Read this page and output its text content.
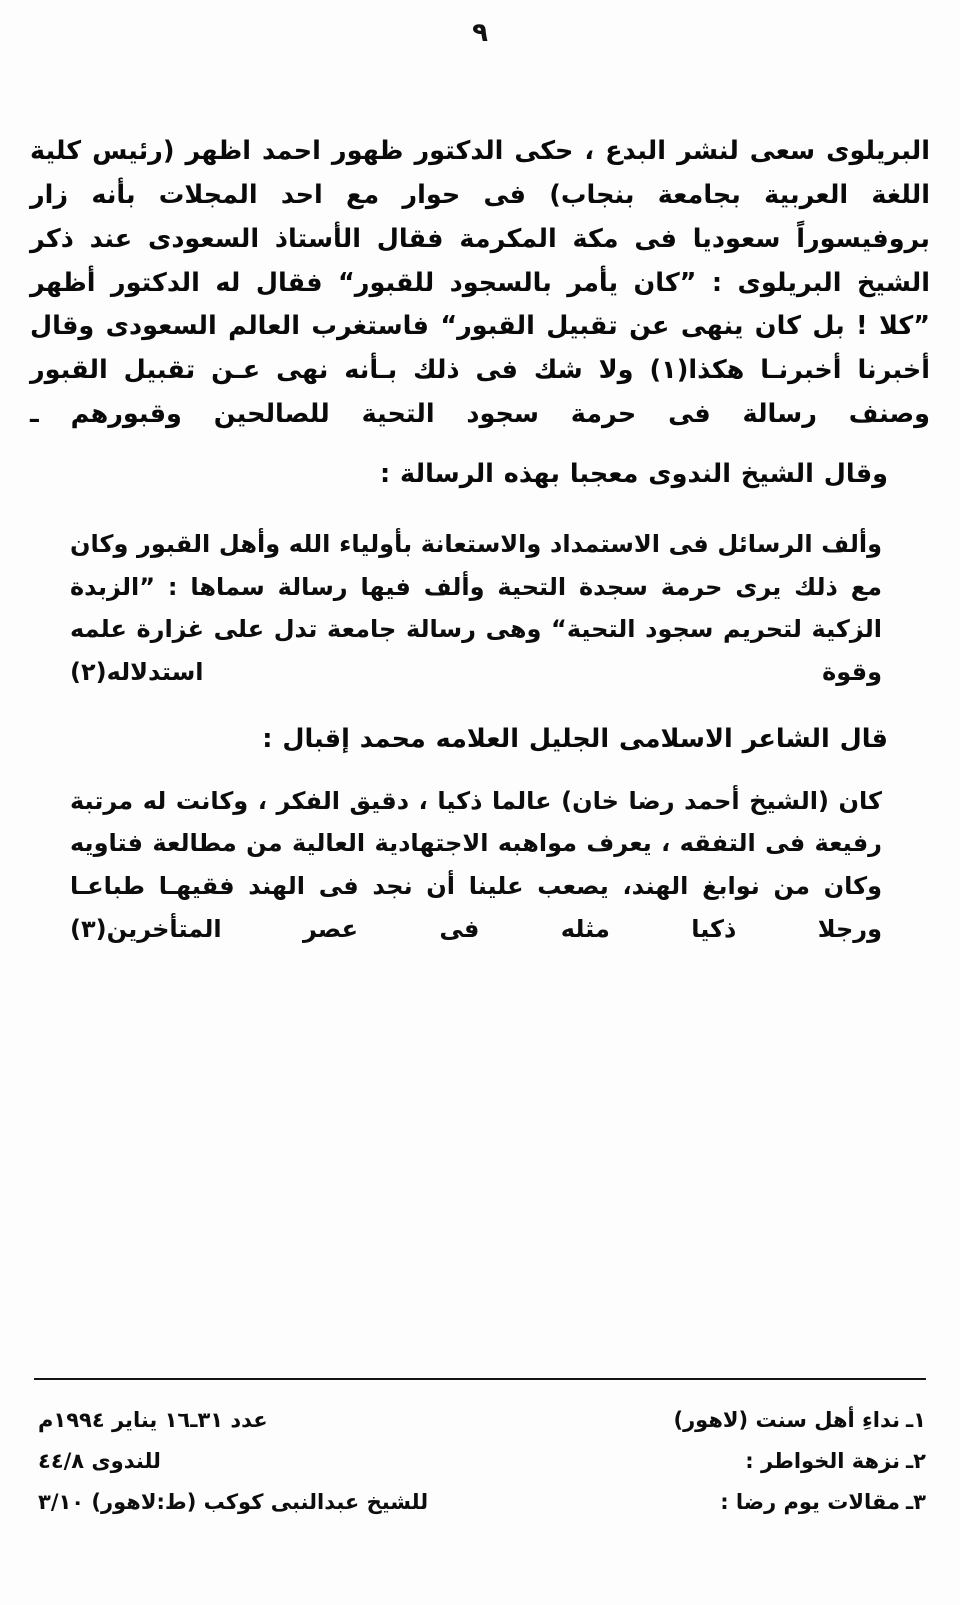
٩

البريلوى سعى لنشر البدع ، حكى الدكتور ظهور احمد اظهر (رئيس كلية اللغة العربية بجامعة بنجاب) فى حوار مع احد المجلات بأنه زار بروفيسوراً سعوديا فى مكة المكرمة فقال الأستاذ السعودى عند ذكر الشيخ البريلوى : ”كان يأمر بالسجود للقبور“ فقال له الدكتور أظهر ”كلا ! بل كان ينهى عن تقبيل القبور“ فاستغرب العالم السعودى وقال أخبرنا أخبرنـا هكذا(١) ولا شك فى ذلك بـأنه نهى عـن تقبيل القبور وصنف رسالة فى حرمة سجود التحية للصالحين وقبورهم ـ

وقال الشيخ الندوى معجبا بهذه الرسالة :

وألف الرسائل فى الاستمداد والاستعانة بأولياء الله وأهل القبور وكان مع ذلك يرى حرمة سجدة التحية وألف فيها رسالة سماها : ”الزبدة الزكية لتحريم سجود التحية“ وهى رسالة جامعة تدل على غزارة علمه وقوة استدلاله(٢)

قال الشاعر الاسلامى الجليل العلامه محمد إقبال :

كان (الشيخ أحمد رضا خان) عالما ذكيا ، دقيق الفكر ، وكانت له مرتبة رفيعة فى التفقه ، يعرف مواهبه الاجتهادية العالية من مطالعة فتاويه وكان من نوابغ الهند، يصعب علينا أن نجد فى الهند فقيهـا طباعـا ورجلا ذكيا مثله فى عصر المتأخرين(٣)

١ـنداءِ أهل سنت (لاهور)
عدد ٣١ـ١٦ يناير ١٩٩٤م
٢ـنزهة الخواطر :
للندوى ٤٤/٨
٣ـمقالات يوم رضا :
للشيخ عبدالنبى كوكب (ط:لاهور) ٣/١٠
